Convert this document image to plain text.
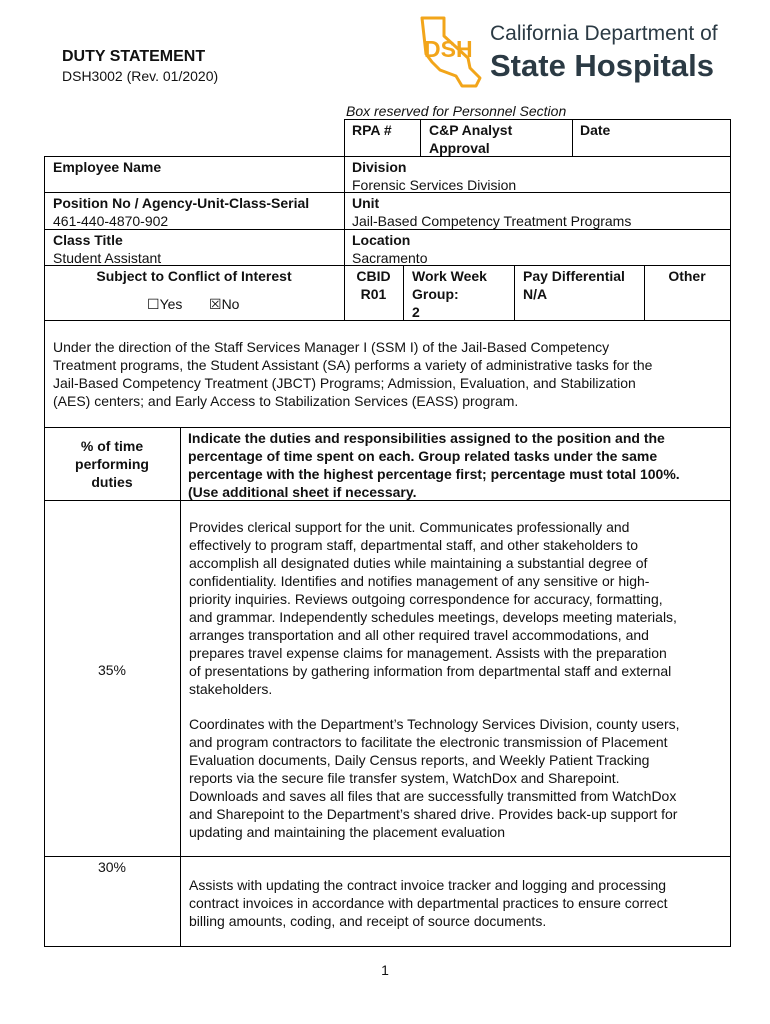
DUTY STATEMENT
DSH3002 (Rev. 01/2020)
DSH
California Department of
State Hospitals
Box reserved for Personnel Section
RPA #	C&P Analyst
Approval
Date
Employee Name
Position No / Agency-Unit-Class-Serial
461-440-4870-902
Class Title
Student Assistant
Subject to Conflict of Interest
☐Yes ☒No
Division
Forensic Services Division
Unit
Jail-Based Competency Treatment Programs
Location
Sacramento
CBID
R01
Work Week
Group:
2
Pay Differential
N/A
Other
Under the direction of the Staff Services Manager I (SSM I) of the Jail-Based Competency
Treatment programs, the Student Assistant (SA) performs a variety of administrative tasks for the
Jail-Based Competency Treatment (JBCT) Programs; Admission, Evaluation, and Stabilization
(AES) centers; and Early Access to Stabilization Services (EASS) program.
% of time
performing
duties
Indicate the duties and responsibilities assigned to the position and the
percentage of time spent on each. Group related tasks under the same
percentage with the highest percentage first; percentage must total 100%.
(Use additional sheet if necessary.
35%
Provides clerical support for the unit. Communicates professionally and
effectively to program staff, departmental staff, and other stakeholders to
accomplish all designated duties while maintaining a substantial degree of
confidentiality. Identifies and notifies management of any sensitive or high-
priority inquiries. Reviews outgoing correspondence for accuracy, formatting,
and grammar. Independently schedules meetings, develops meeting materials,
arranges transportation and all other required travel accommodations, and
prepares travel expense claims for management. Assists with the preparation
of presentations by gathering information from departmental staff and external
stakeholders.
Coordinates with the Department’s Technology Services Division, county users,
and program contractors to facilitate the electronic transmission of Placement
Evaluation documents, Daily Census reports, and Weekly Patient Tracking
reports via the secure file transfer system, WatchDox and Sharepoint.
Downloads and saves all files that are successfully transmitted from WatchDox
and Sharepoint to the Department’s shared drive. Provides back-up support for
updating and maintaining the placement evaluation
30%
Assists with updating the contract invoice tracker and logging and processing
contract invoices in accordance with departmental practices to ensure correct
billing amounts, coding, and receipt of source documents.
1
